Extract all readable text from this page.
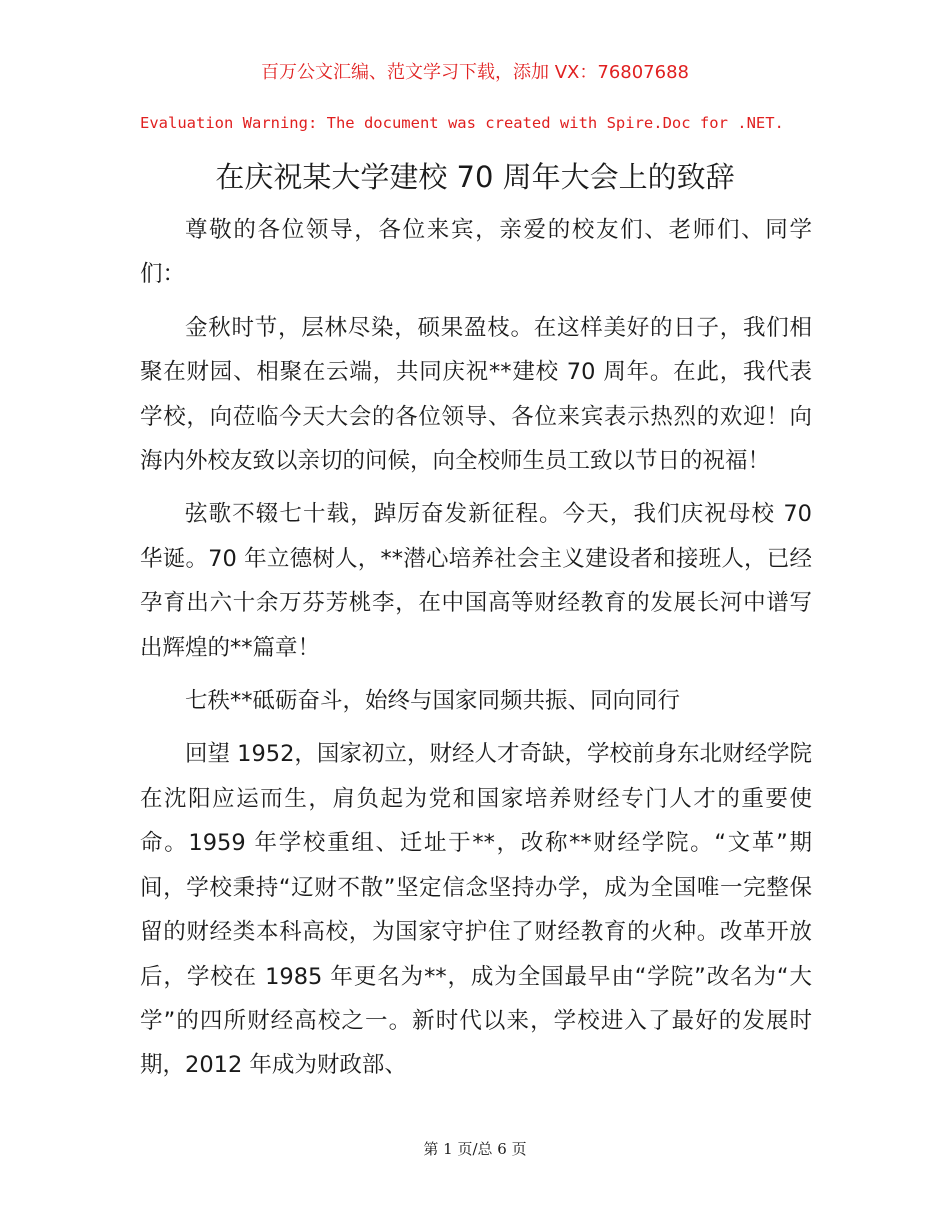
百万公文汇编、范文学习下载，添加 VX：76807688
Evaluation Warning: The document was created with Spire.Doc for .NET.
在庆祝某大学建校 70 周年大会上的致辞

尊敬的各位领导，各位来宾，亲爱的校友们、老师们、同学们：

金秋时节，层林尽染，硕果盈枝。在这样美好的日子，我们相聚在财园、相聚在云端，共同庆祝**建校 70 周年。在此，我代表学校，向莅临今天大会的各位领导、各位来宾表示热烈的欢迎！向海内外校友致以亲切的问候，向全校师生员工致以节日的祝福！

弦歌不辍七十载，踔厉奋发新征程。今天，我们庆祝母校 70 华诞。70 年立德树人，**潜心培养社会主义建设者和接班人，已经孕育出六十余万芬芳桃李，在中国高等财经教育的发展长河中谱写出辉煌的**篇章！

七秩**砥砺奋斗，始终与国家同频共振、同向同行

回望 1952，国家初立，财经人才奇缺，学校前身东北财经学院在沈阳应运而生，肩负起为党和国家培养财经专门人才的重要使命。1959 年学校重组、迁址于**，改称**财经学院。“文革”期间，学校秉持“辽财不散”坚定信念坚持办学，成为全国唯一完整保留的财经类本科高校，为国家守护住了财经教育的火种。改革开放后，学校在 1985 年更名为**，成为全国最早由“学院”改名为“大学”的四所财经高校之一。新时代以来，学校进入了最好的发展时期，2012 年成为财政部、

第 1 页/总 6 页
